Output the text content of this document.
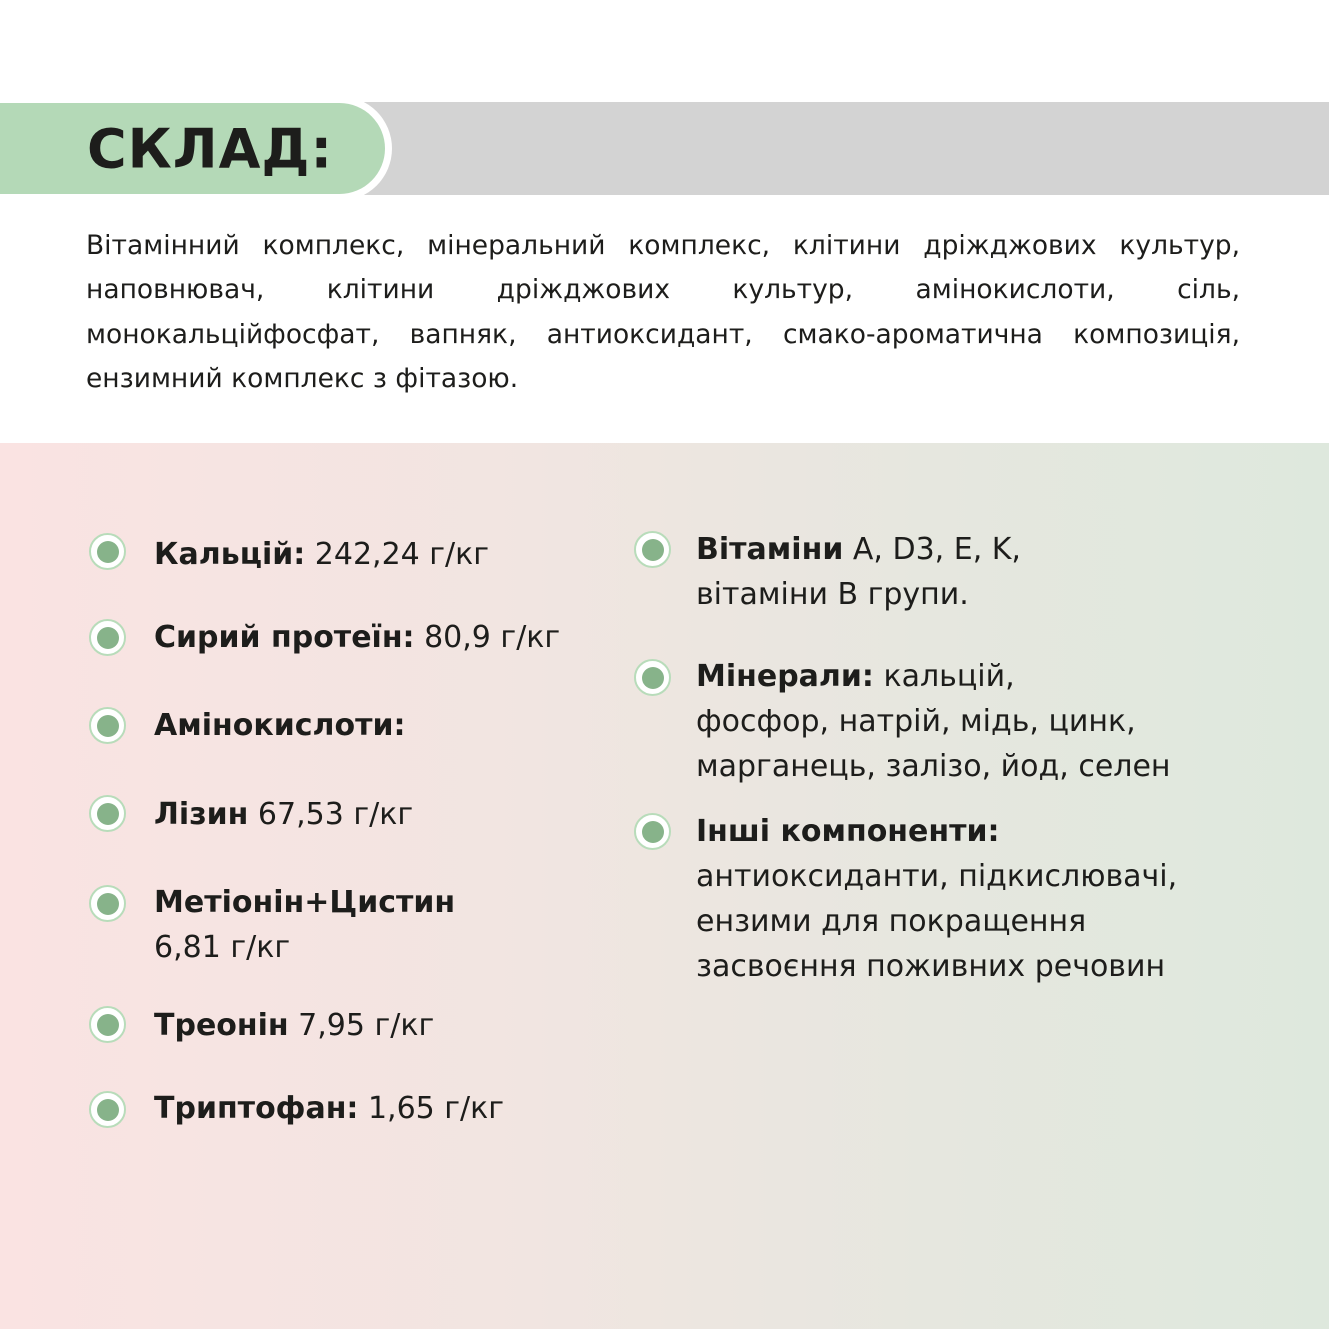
СКЛАД:

Вітамінний комплекс, мінеральний комплекс, клітини дріжджових культур, наповнювач, клітини дріжджових культур, амінокислоти, сіль, монокальційфосфат, вапняк, антиоксидант, смако-ароматична композиція, ензимний комплекс з фітазою.

Кальцій: 242,24 г/кг
Сирий протеїн: 80,9 г/кг
Амінокислоти:
Лізин 67,53 г/кг
Метіонін+Цистин
6,81 г/кг
Треонін 7,95 г/кг
Триптофан: 1,65 г/кг
Вітаміни A, D3, E, K,
вітаміни B групи.
Мінерали: кальцій,
фосфор, натрій, мідь, цинк,
марганець, залізо, йод, селен
Інші компоненти:
антиоксиданти, підкислювачі,
ензими для покращення
засвоєння поживних речовин
